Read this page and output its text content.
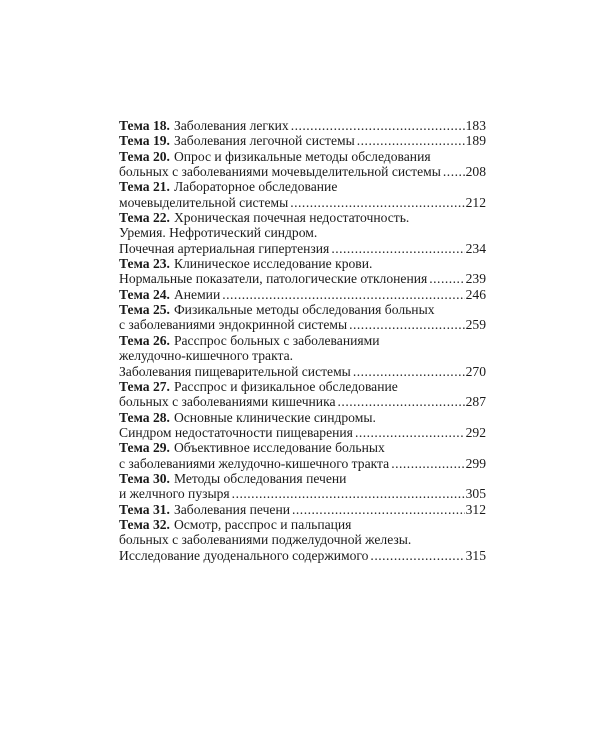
Тема 18. Заболевания легких .....	183
Тема 19. Заболевания легочной системы .....	189
Тема 20. Опрос и физикальные методы обследования
больных с заболеваниями мочевыделительной системы ..... 208
Тема 21. Лабораторное обследование
мочевыделительной системы .....	212
Тема 22. Хроническая почечная недостаточность.
Уремия. Нефротический синдром.
Почечная артериальная гипертензия .....	234
Тема 23. Клиническое исследование крови.
Нормальные показатели, патологические отклонения .....	239
Тема 24. Анемии .....	246
Тема 25. Физикальные методы обследования больных
с заболеваниями эндокринной системы .....	259
Тема 26. Расспрос больных с заболеваниями
желудочно-кишечного тракта.
Заболевания пищеварительной системы .....	270
Тема 27. Расспрос и физикальное обследование
больных с заболеваниями кишечника .....	287
Тема 28. Основные клинические синдромы.
Синдром недостаточности пищеварения .....	292
Тема 29. Объективное исследование больных
с заболеваниями желудочно-кишечного тракта .....	299
Тема 30. Методы обследования печени
и желчного пузыря .....	305
Тема 31. Заболевания печени .....	312
Тема 32. Осмотр, расспрос и пальпация
больных с заболеваниями поджелудочной железы.
Исследование дуоденального содержимого .....	315
